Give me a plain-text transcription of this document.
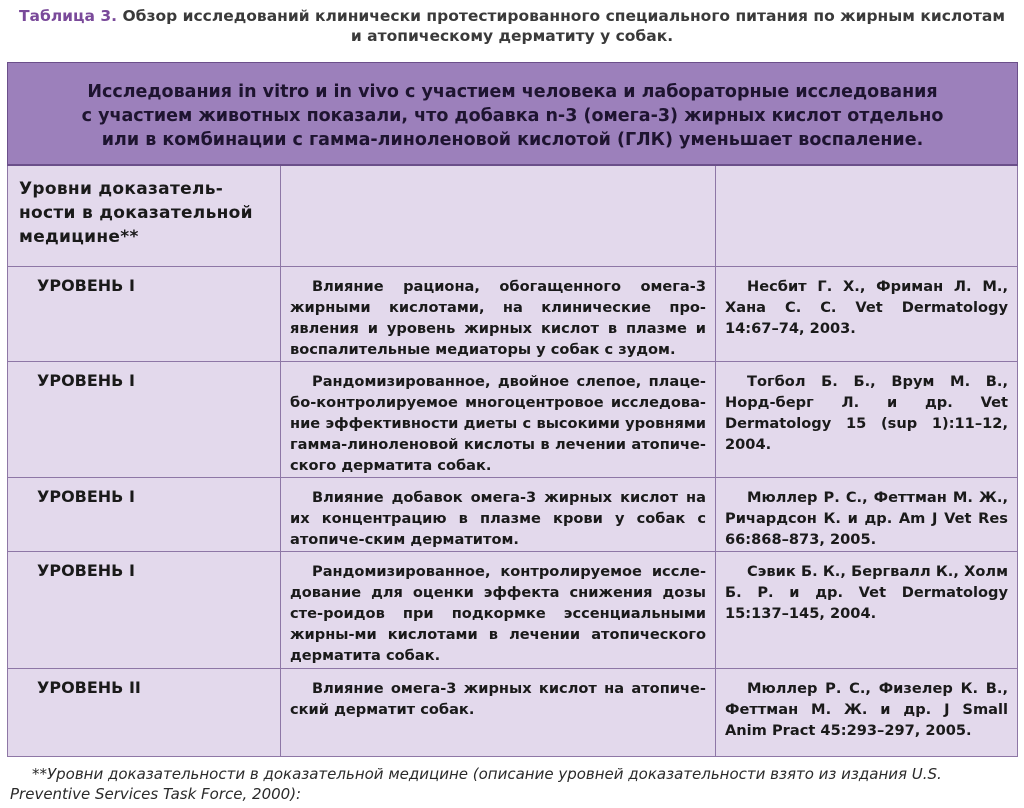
Таблица 3. Обзор исследований клинически протестированного специального питания по жирным кислотам
и атопическому дерматиту у собак.
Исследования in vitro и in vivo с участием человека и лабораторные исследования
с участием животных показали, что добавка n-3 (омега-3) жирных кислот отдельно
или в комбинации с гамма-линоленовой кислотой (ГЛК) уменьшает воспаление.		

Уровни доказатель-ности в доказательной медицине**		

УРОВЕНЬ I	Влияние рациона, обогащенного омега-3 жирными кислотами, на клинические про-явления и уровень жирных кислот в плазме и воспалительные медиаторы у собак с зудом.	Несбит Г. Х., Фриман Л. М., Хана С. С. Vet Dermatology 14:67–74, 2003.

УРОВЕНЬ I	Рандомизированное, двойное слепое, плаце-бо-контролируемое многоцентровое исследова-ние эффективности диеты с высокими уровнями гамма-линоленовой кислоты в лечении атопиче-ского дерматита собак.	Тогбол Б. Б., Врум М. В., Норд-берг Л. и др. Vet Dermatology 15 (sup 1):11–12, 2004.

УРОВЕНЬ I	Влияние добавок омега-3 жирных кислот на их концентрацию в плазме крови у собак с атопиче-ским дерматитом.	Мюллер Р. С., Феттман М. Ж., Ричардсон К. и др. Am J Vet Res 66:868–873, 2005.

УРОВЕНЬ I	Рандомизированное, контролируемое иссле-дование для оценки эффекта снижения дозы сте-роидов при подкормке эссенциальными жирны-ми кислотами в лечении атопического дерматита собак.	Сэвик Б. К., Бергвалл К., Холм Б. Р. и др. Vet Dermatology 15:137–145, 2004.

УРОВЕНЬ II	Влияние омега-3 жирных кислот на атопиче-ский дерматит собак.	Мюллер Р. С., Физелер К. В., Феттман М. Ж. и др. J Small Anim Pract 45:293–297, 2005.
**Уровни доказательности в доказательной медицине (описание уровней доказательности взято из издания U.S. Preventive Services Task Force, 2000):
